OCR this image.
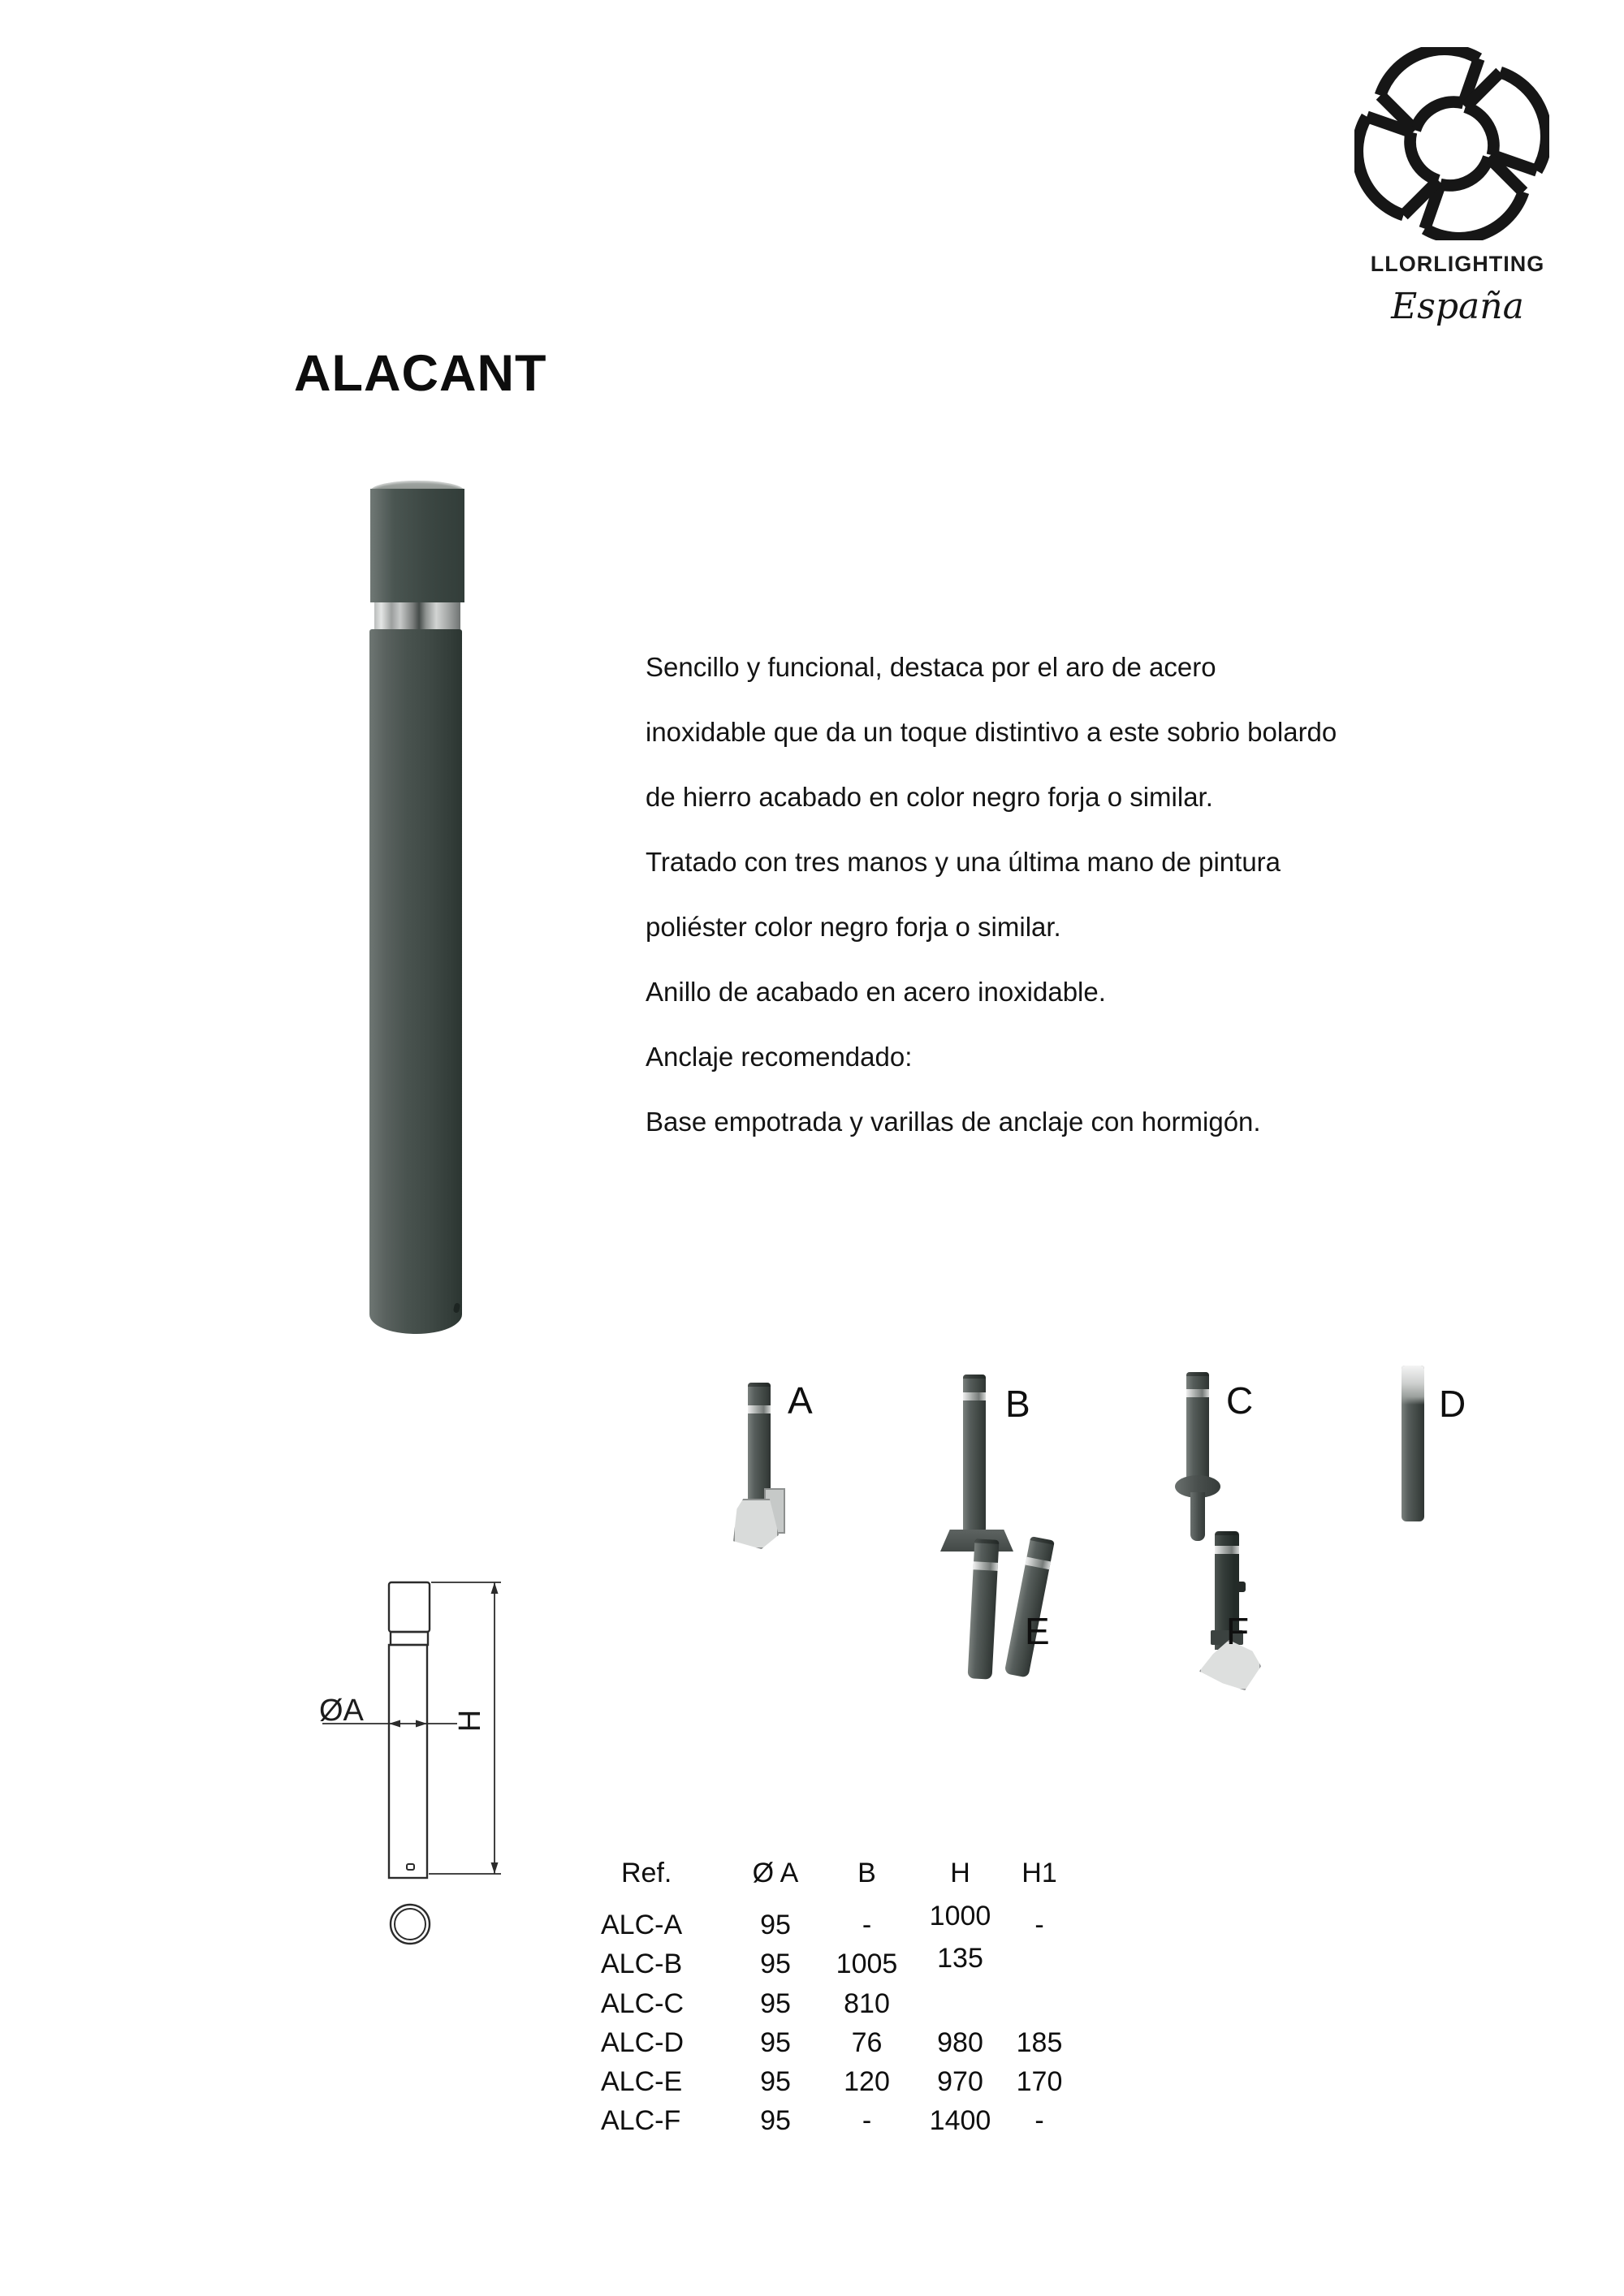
LLORLIGHTING
España
ALACANT
Sencillo y funcional, destaca por el aro de acero
inoxidable que da un toque distintivo a este sobrio bolardo
de hierro acabado en color negro forja o similar.
Tratado con tres manos y una última mano de pintura
poliéster color negro forja o similar.
Anillo de acabado en acero inoxidable.
Anclaje recomendado:
Base empotrada y varillas de anclaje con hormigón.
A	B	C	D
E	F
ØA	H
Ref.	Ø A	B	H	H1
ALC-A	95	-	1000	-
ALC-B	95	1005	135
ALC-C	95	810
ALC-D	95	76	980	185
ALC-E	95	120	970	170
ALC-F	95	-	1400	-
